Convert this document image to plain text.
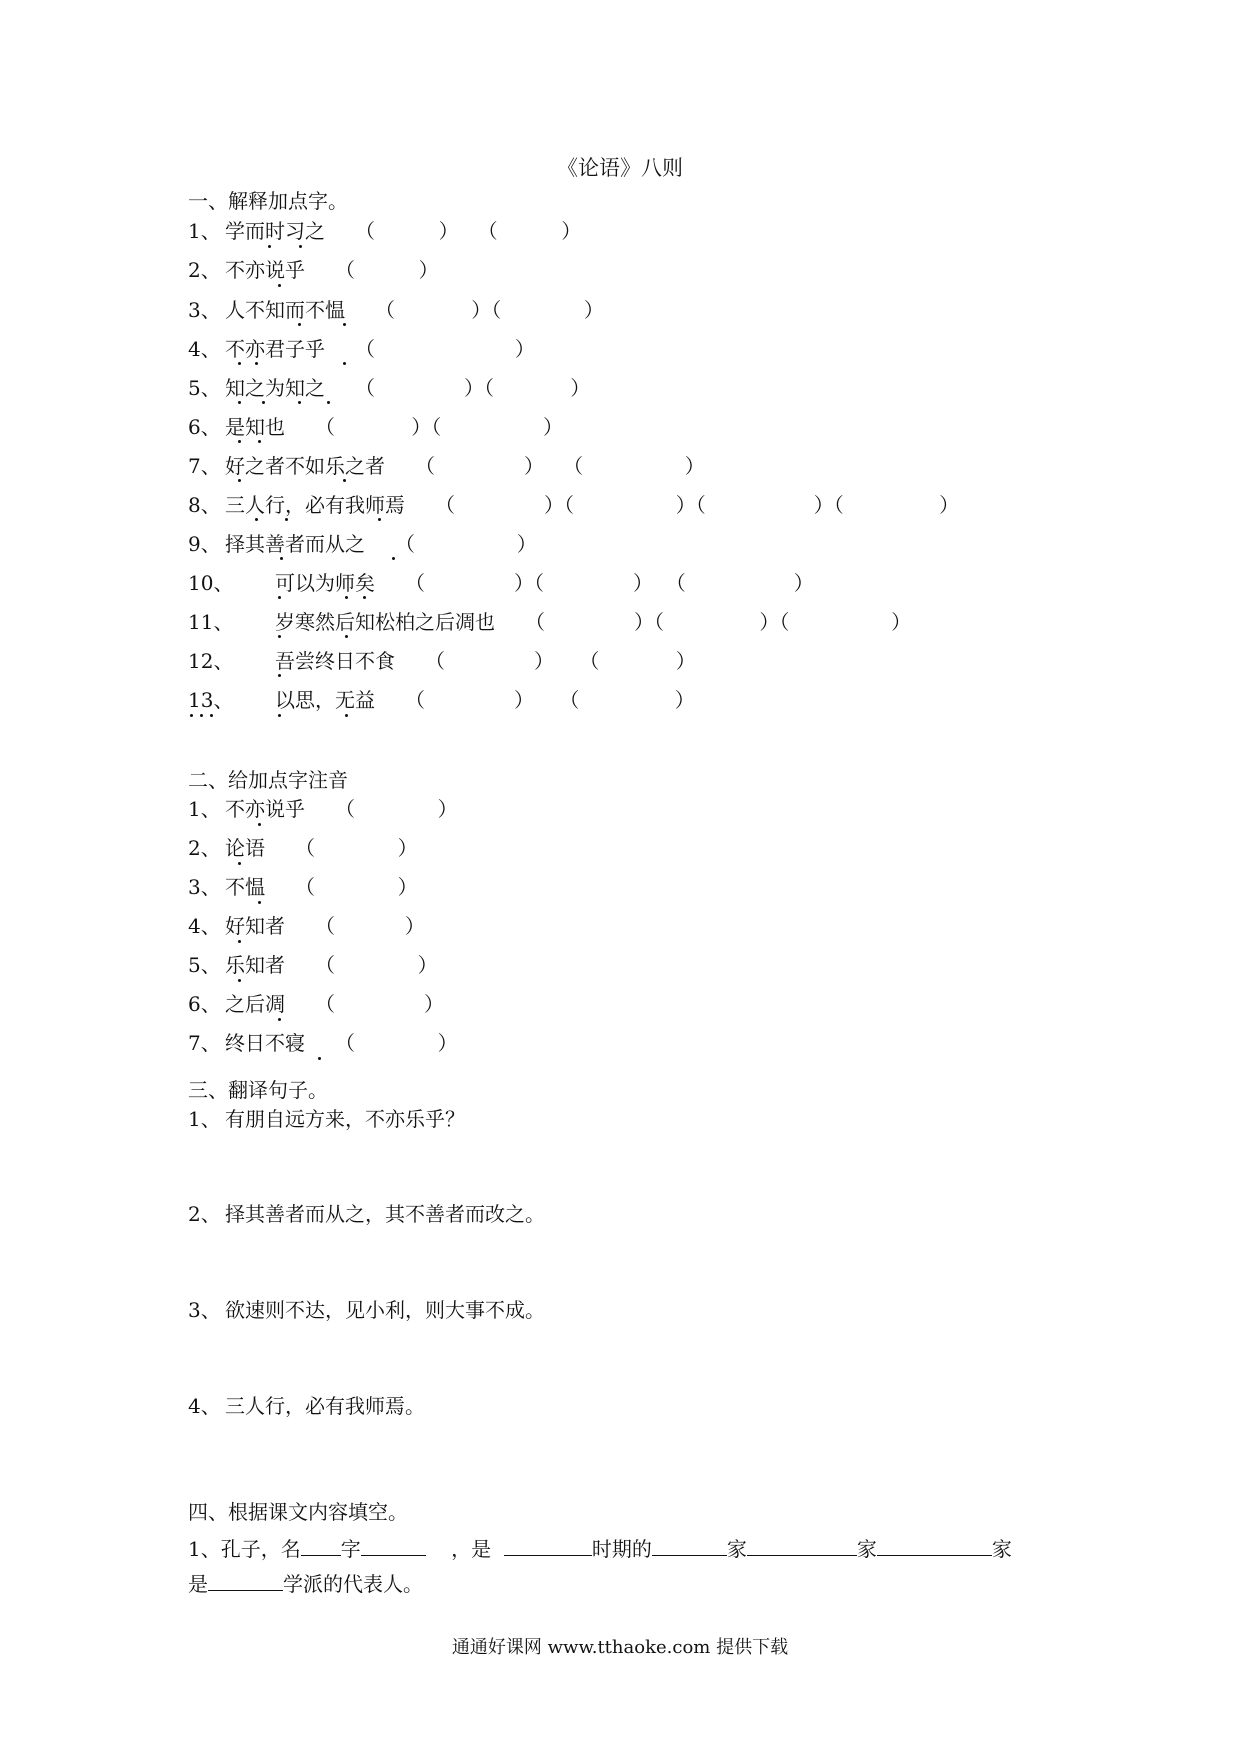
《论语》八则
一、解释加点字。
1、 学而时习之 （          ）   （          ）
2、 不亦说乎 （          ）
3、 人不知而不愠 （            ）（             ）
4、 不亦君子乎 （                      ）
5、 知之为知之 （              ）（            ）
6、 是知也 （            ）（                ）
7、 好之者不如乐之者 （              ）   （                ）
8、 三人行，必有我师焉 （              ）（                ）（                 ）（               ）
9、 择其善者而从之 （                ）
10、 可以为师矣 （              ）（              ）  （                 ）
11、 岁寒然后知松柏之后凋也 （              ）（               ）（                ）
12、 吾尝终日不食 （              ）    （            ）
13、 以思，无益 （              ）    （               ）
二、给加点字注音
1、 不亦说乎 （             ）
2、 论语 （             ）
3、 不愠 （             ）
4、 好知者 （           ）
5、 乐知者 （             ）
6、 之后凋 （              ）
7、 终日不寝 （             ）
三、翻译句子。
1、 有朋自远方来，不亦乐乎？
2、 择其善者而从之，其不善者而改之。
3、 欲速则不达，见小利，则大事不成。
4、 三人行，必有我师焉。
四、根据课文内容填空。
1、孔子，名 字	，是	时期的	家	家	家
是	学派的代表人。
通通好课网 www.tthaoke.com 提供下载
